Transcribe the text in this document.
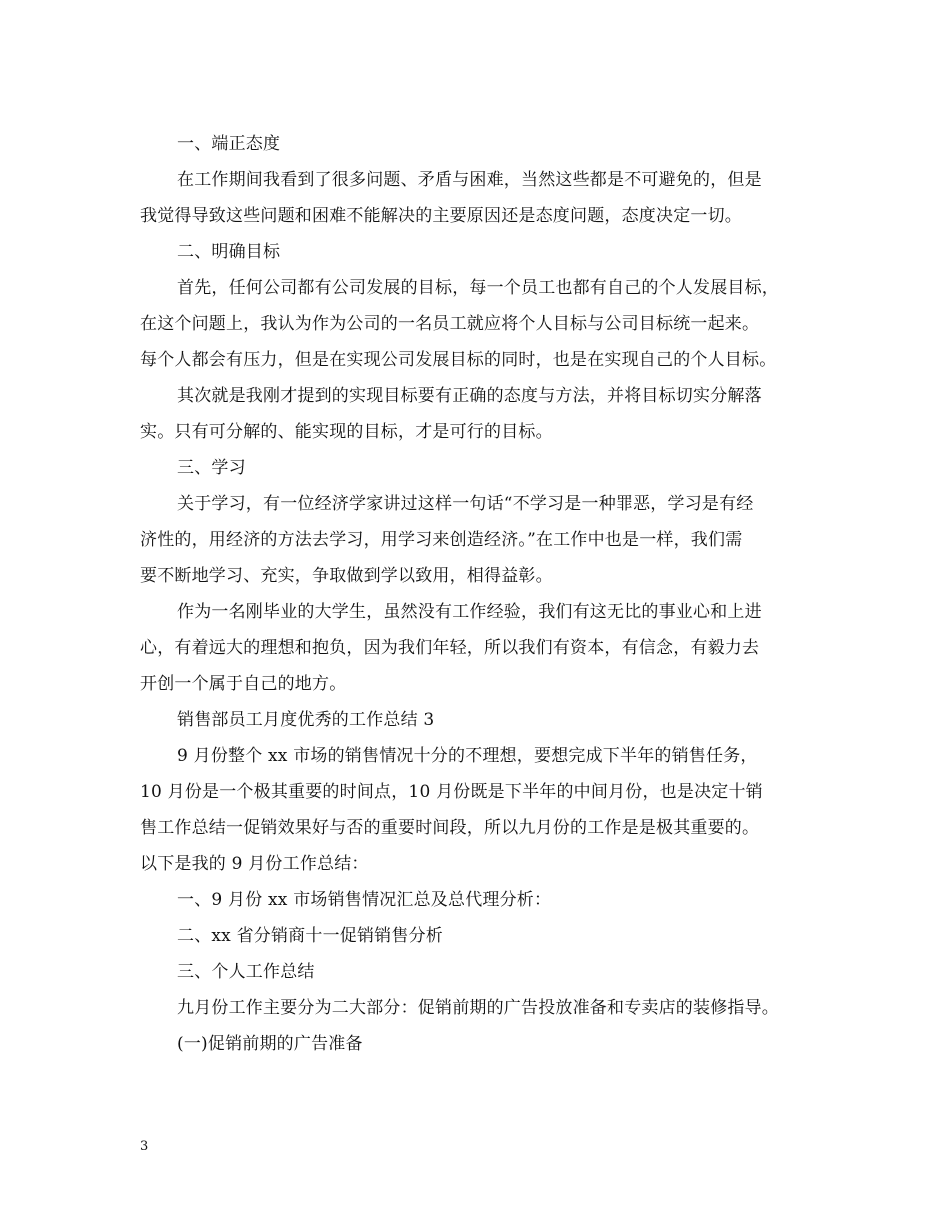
一、端正态度
在工作期间我看到了很多问题、矛盾与困难，当然这些都是不可避免的，但是
我觉得导致这些问题和困难不能解决的主要原因还是态度问题，态度决定一切。
二、明确目标
首先，任何公司都有公司发展的目标，每一个员工也都有自己的个人发展目标，
在这个问题上，我认为作为公司的一名员工就应将个人目标与公司目标统一起来。
每个人都会有压力，但是在实现公司发展目标的同时，也是在实现自己的个人目标。
其次就是我刚才提到的实现目标要有正确的态度与方法，并将目标切实分解落
实。只有可分解的、能实现的目标，才是可行的目标。
三、学习
关于学习，有一位经济学家讲过这样一句话“不学习是一种罪恶，学习是有经
济性的，用经济的方法去学习，用学习来创造经济。”在工作中也是一样，我们需
要不断地学习、充实，争取做到学以致用，相得益彰。
作为一名刚毕业的大学生，虽然没有工作经验，我们有这无比的事业心和上进
心，有着远大的理想和抱负，因为我们年轻，所以我们有资本，有信念，有毅力去
开创一个属于自己的地方。
销售部员工月度优秀的工作总结 3
9 月份整个 xx 市场的销售情况十分的不理想，要想完成下半年的销售任务，
10 月份是一个极其重要的时间点，10 月份既是下半年的中间月份，也是决定十销
售工作总结一促销效果好与否的重要时间段，所以九月份的工作是是极其重要的。
以下是我的 9 月份工作总结：
一、9 月份 xx 市场销售情况汇总及总代理分析：
二、xx 省分销商十一促销销售分析
三、个人工作总结
九月份工作主要分为二大部分：促销前期的广告投放准备和专卖店的装修指导。
(一)促销前期的广告准备
3
